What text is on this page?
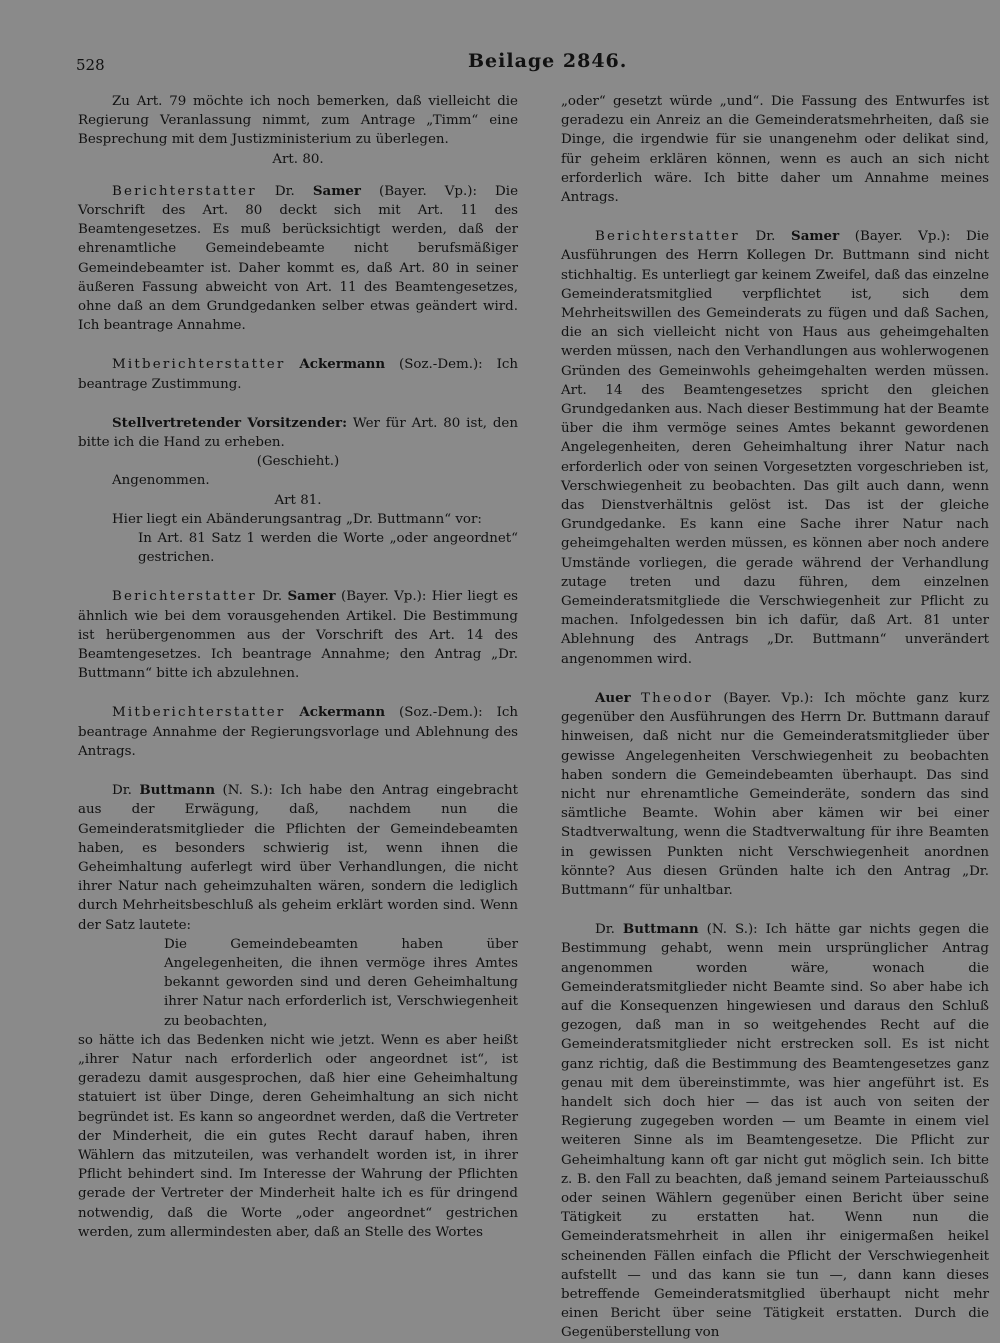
528	Beilage 2846.

Zu Art. 79 möchte ich noch bemerken, daß vielleicht die Regierung Veranlassung nimmt, zum Antrage „Timm“ eine Besprechung mit dem Justizministerium zu überlegen.

Art. 80.

Berichterstatter Dr. Samer (Bayer. Vp.): Die Vorschrift des Art. 80 deckt sich mit Art. 11 des Beamtengesetzes. Es muß berücksichtigt werden, daß der ehrenamtliche Gemeindebeamte nicht berufsmäßiger Gemeindebeamter ist. Daher kommt es, daß Art. 80 in seiner äußeren Fassung abweicht von Art. 11 des Beamtengesetzes, ohne daß an dem Grundgedanken selber etwas geändert wird. Ich beantrage Annahme.

Mitberichterstatter Ackermann (Soz.-Dem.): Ich beantrage Zustimmung.

Stellvertretender Vorsitzender: Wer für Art. 80 ist, den bitte ich die Hand zu erheben.

(Geschieht.)

Angenommen.

Art 81.

Hier liegt ein Abänderungsantrag „Dr. Buttmann“ vor:

In Art. 81 Satz 1 werden die Worte „oder angeordnet“ gestrichen.

Berichterstatter Dr. Samer (Bayer. Vp.): Hier liegt es ähnlich wie bei dem vorausgehenden Artikel. Die Bestimmung ist herübergenommen aus der Vorschrift des Art. 14 des Beamtengesetzes. Ich beantrage Annahme; den Antrag „Dr. Buttmann“ bitte ich abzulehnen.

Mitberichterstatter Ackermann (Soz.-Dem.): Ich beantrage Annahme der Regierungsvorlage und Ablehnung des Antrags.

Dr. Buttmann (N. S.): Ich habe den Antrag eingebracht aus der Erwägung, daß, nachdem nun die Gemeinderatsmitglieder die Pflichten der Gemeindebeamten haben, es besonders schwierig ist, wenn ihnen die Geheimhaltung auferlegt wird über Verhandlungen, die nicht ihrer Natur nach geheimzuhalten wären, sondern die lediglich durch Mehrheitsbeschluß als geheim erklärt worden sind. Wenn der Satz lautete:

Die Gemeindebeamten haben über Angelegenheiten, die ihnen vermöge ihres Amtes bekannt geworden sind und deren Geheimhaltung ihrer Natur nach erforderlich ist, Verschwiegenheit zu beobachten,

so hätte ich das Bedenken nicht wie jetzt. Wenn es aber heißt „ihrer Natur nach erforderlich oder angeordnet ist“, ist geradezu damit ausgesprochen, daß hier eine Geheimhaltung statuiert ist über Dinge, deren Geheimhaltung an sich nicht begründet ist. Es kann so angeordnet werden, daß die Vertreter der Minderheit, die ein gutes Recht darauf haben, ihren Wählern das mitzuteilen, was verhandelt worden ist, in ihrer Pflicht behindert sind. Im Interesse der Wahrung der Pflichten gerade der Vertreter der Minderheit halte ich es für dringend notwendig, daß die Worte „oder angeordnet“ gestrichen werden, zum allermindesten aber, daß an Stelle des Wortes

„oder“ gesetzt würde „und“. Die Fassung des Entwurfes ist geradezu ein Anreiz an die Gemeinderatsmehrheiten, daß sie Dinge, die irgendwie für sie unangenehm oder delikat sind, für geheim erklären können, wenn es auch an sich nicht erforderlich wäre. Ich bitte daher um Annahme meines Antrags.

Berichterstatter Dr. Samer (Bayer. Vp.): Die Ausführungen des Herrn Kollegen Dr. Buttmann sind nicht stichhaltig. Es unterliegt gar keinem Zweifel, daß das einzelne Gemeinderatsmitglied verpflichtet ist, sich dem Mehrheitswillen des Gemeinderats zu fügen und daß Sachen, die an sich vielleicht nicht von Haus aus geheimgehalten werden müssen, nach den Verhandlungen aus wohlerwogenen Gründen des Gemeinwohls geheimgehalten werden müssen. Art. 14 des Beamtengesetzes spricht den gleichen Grundgedanken aus. Nach dieser Bestimmung hat der Beamte über die ihm vermöge seines Amtes bekannt gewordenen Angelegenheiten, deren Geheimhaltung ihrer Natur nach erforderlich oder von seinen Vorgesetzten vorgeschrieben ist, Verschwiegenheit zu beobachten. Das gilt auch dann, wenn das Dienstverhältnis gelöst ist. Das ist der gleiche Grundgedanke. Es kann eine Sache ihrer Natur nach geheimgehalten werden müssen, es können aber noch andere Umstände vorliegen, die gerade während der Verhandlung zutage treten und dazu führen, dem einzelnen Gemeinderatsmitgliede die Verschwiegenheit zur Pflicht zu machen. Infolgedessen bin ich dafür, daß Art. 81 unter Ablehnung des Antrags „Dr. Buttmann“ unverändert angenommen wird.

Auer Theodor (Bayer. Vp.): Ich möchte ganz kurz gegenüber den Ausführungen des Herrn Dr. Buttmann darauf hinweisen, daß nicht nur die Gemeinderatsmitglieder über gewisse Angelegenheiten Verschwiegenheit zu beobachten haben sondern die Gemeindebeamten überhaupt. Das sind nicht nur ehrenamtliche Gemeinderäte, sondern das sind sämtliche Beamte. Wohin aber kämen wir bei einer Stadtverwaltung, wenn die Stadtverwaltung für ihre Beamten in gewissen Punkten nicht Verschwiegenheit anordnen könnte? Aus diesen Gründen halte ich den Antrag „Dr. Buttmann“ für unhaltbar.

Dr. Buttmann (N. S.): Ich hätte gar nichts gegen die Bestimmung gehabt, wenn mein ursprünglicher Antrag angenommen worden wäre, wonach die Gemeinderatsmitglieder nicht Beamte sind. So aber habe ich auf die Konsequenzen hingewiesen und daraus den Schluß gezogen, daß man in so weitgehendes Recht auf die Gemeinderatsmitglieder nicht erstrecken soll. Es ist nicht ganz richtig, daß die Bestimmung des Beamtengesetzes ganz genau mit dem übereinstimmte, was hier angeführt ist. Es handelt sich doch hier — das ist auch von seiten der Regierung zugegeben worden — um Beamte in einem viel weiteren Sinne als im Beamtengesetze. Die Pflicht zur Geheimhaltung kann oft gar nicht gut möglich sein. Ich bitte z. B. den Fall zu beachten, daß jemand seinem Parteiausschuß oder seinen Wählern gegenüber einen Bericht über seine Tätigkeit zu erstatten hat. Wenn nun die Gemeinderatsmehrheit in allen ihr einigermaßen heikel scheinenden Fällen einfach die Pflicht der Verschwiegenheit aufstellt — und das kann sie tun —, dann kann dieses betreffende Gemeinderatsmitglied überhaupt nicht mehr einen Bericht über seine Tätigkeit erstatten. Durch die Gegenüberstellung von
